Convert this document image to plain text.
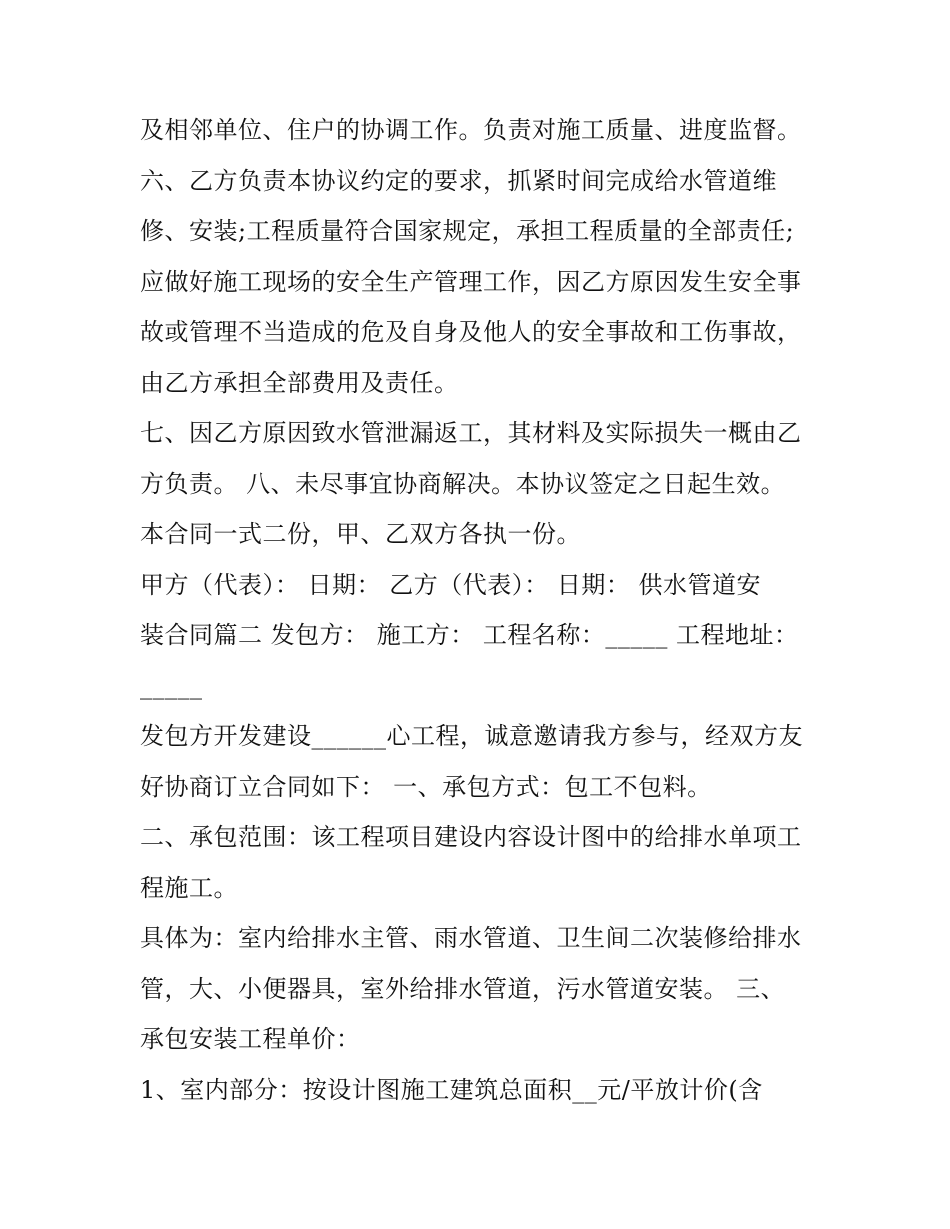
及相邻单位、住户的协调工作。负责对施工质量、进度监督。
六、乙方负责本协议约定的要求，抓紧时间完成给水管道维
修、安装;工程质量符合国家规定，承担工程质量的全部责任;
应做好施工现场的安全生产管理工作，因乙方原因发生安全事
故或管理不当造成的危及自身及他人的安全事故和工伤事故，
由乙方承担全部费用及责任。
七、因乙方原因致水管泄漏返工，其材料及实际损失一概由乙
方负责。 八、未尽事宜协商解决。本协议签定之日起生效。
本合同一式二份，甲、乙双方各执一份。
甲方（代表）： 日期： 乙方（代表）： 日期： 供水管道安
装合同篇二 发包方： 施工方： 工程名称：_____ 工程地址：
_____
发包方开发建设______心工程，诚意邀请我方参与，经双方友
好协商订立合同如下： 一、承包方式：包工不包料。
二、承包范围：该工程项目建设内容设计图中的给排水单项工
程施工。
具体为：室内给排水主管、雨水管道、卫生间二次装修给排水
管，大、小便器具，室外给排水管道，污水管道安装。 三、
承包安装工程单价：
1、室内部分：按设计图施工建筑总面积__元/平放计价(含
